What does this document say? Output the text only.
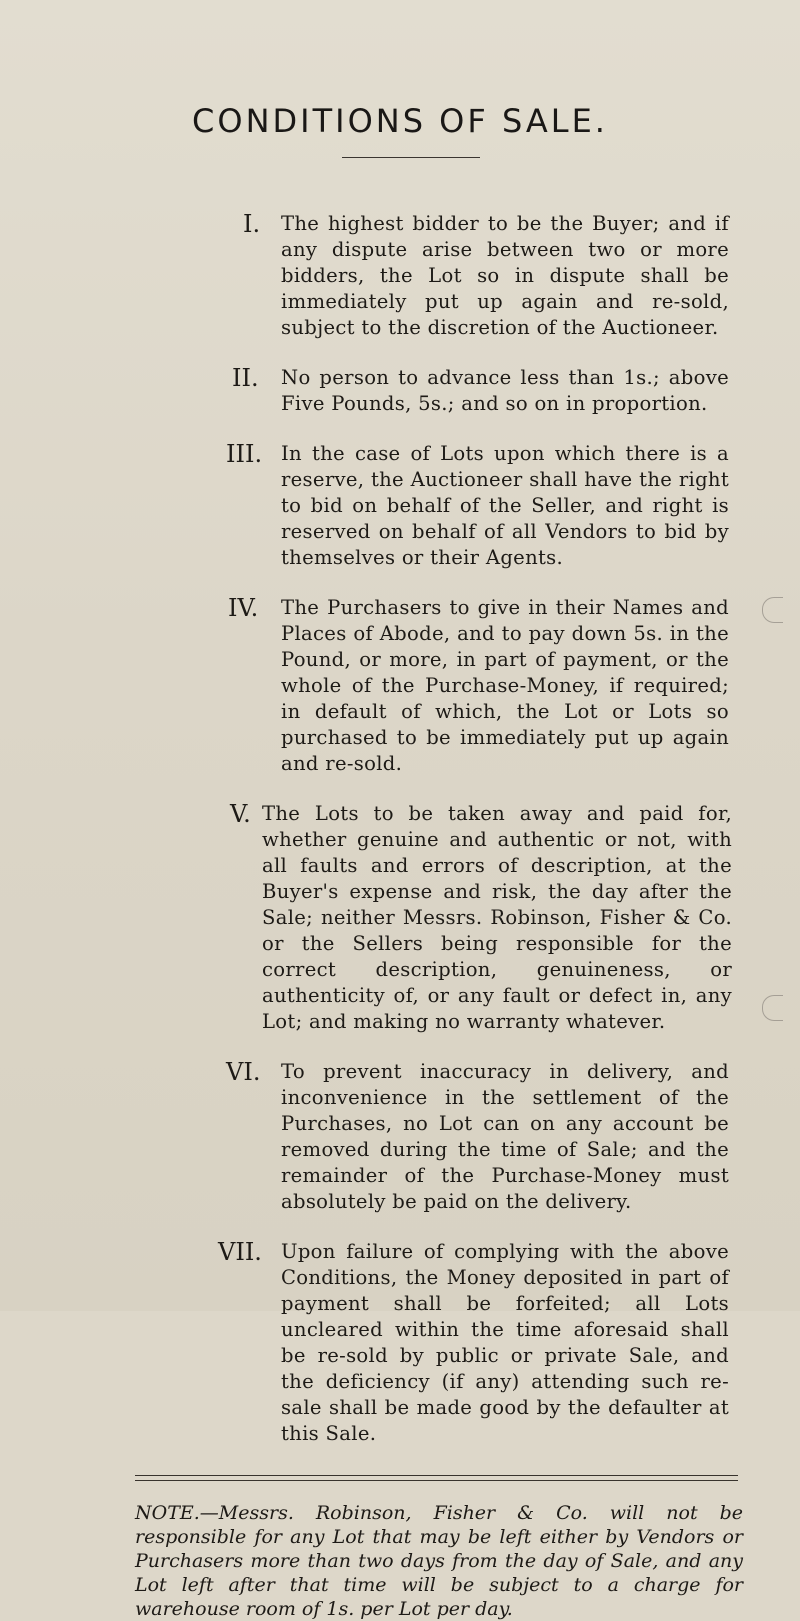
CONDITIONS OF SALE.
I. The highest bidder to be the Buyer; and if any dispute arise between two or more bidders, the Lot so in dispute shall be immediately put up again and re-sold, subject to the discretion of the Auctioneer.

II. No person to advance less than 1s.; above Five Pounds, 5s.; and so on in proportion.

III. In the case of Lots upon which there is a reserve, the Auctioneer shall have the right to bid on behalf of the Seller, and right is reserved on behalf of all Vendors to bid by themselves or their Agents.

IV. The Purchasers to give in their Names and Places of Abode, and to pay down 5s. in the Pound, or more, in part of payment, or the whole of the Purchase-Money, if required; in default of which, the Lot or Lots so purchased to be immediately put up again and re-sold.

V. The Lots to be taken away and paid for, whether genuine and authentic or not, with all faults and errors of description, at the Buyer's expense and risk, the day after the Sale; neither Messrs. Robinson, Fisher & Co. or the Sellers being responsible for the correct description, genuineness, or authenticity of, or any fault or defect in, any Lot; and making no warranty whatever.

VI. To prevent inaccuracy in delivery, and inconvenience in the settlement of the Purchases, no Lot can on any account be removed during the time of Sale; and the remainder of the Purchase-Money must absolutely be paid on the delivery.

VII. Upon failure of complying with the above Conditions, the Money deposited in part of payment shall be forfeited; all Lots uncleared within the time aforesaid shall be re-sold by public or private Sale, and the deficiency (if any) attending such re-sale shall be made good by the defaulter at this Sale.

NOTE.—Messrs. Robinson, Fisher & Co. will not be responsible for any Lot that may be left either by Vendors or Purchasers more than two days from the day of Sale, and any Lot left after that time will be subject to a charge for warehouse room of 1s. per Lot per day.
